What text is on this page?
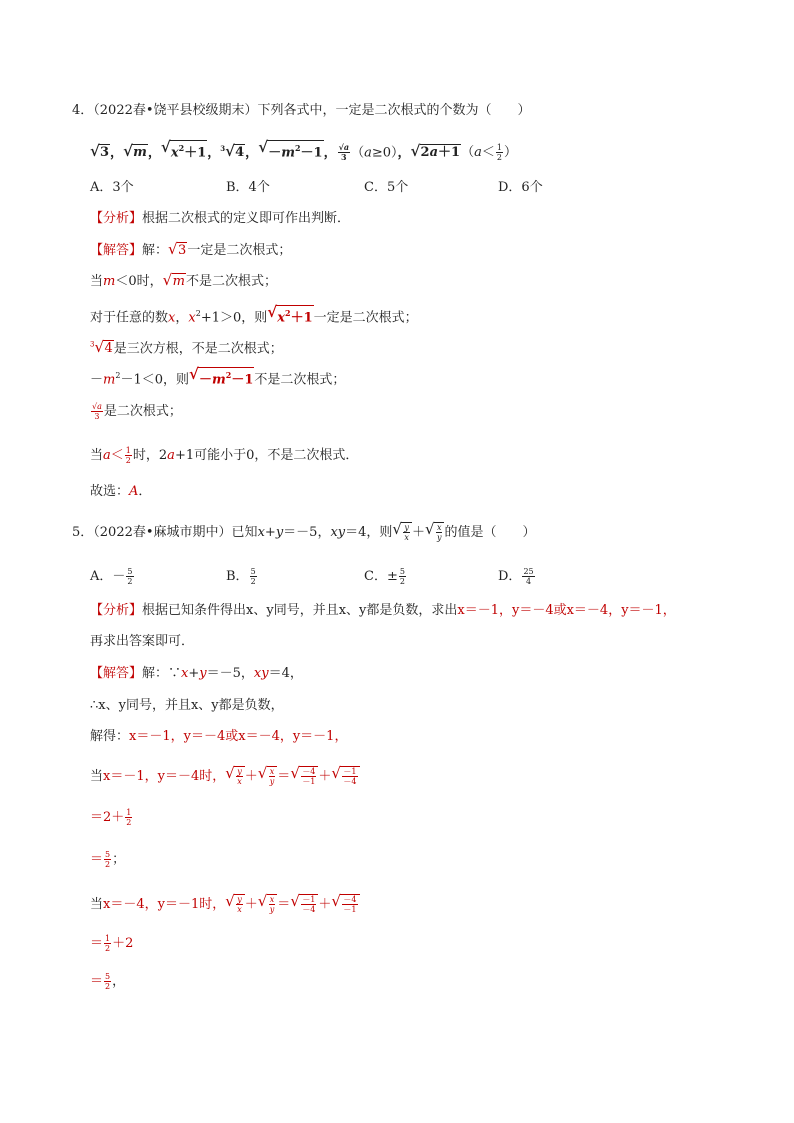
4．（2022春•饶平县校级期末）下列各式中，一定是二次根式的个数为（　　）
√ 3， √ m， √ $x^2+1$，$^3$ √ 4， √ $-m^2-1$， $\frac{√a}{3} (a\ge 0)$， √ $2a+1(a< \frac{1}{2}$ ）
A．3个	B．4个	C．5个	D．6个
【分析】根据二次根式的定义即可作出判断．
【解答】解： √ 3一定是二次根式；
当m＜0时， √ m不是二次根式；
对于任意的数x，$x^2+1>0$，则 √ $x^2+1$一定是二次根式；
$^3$ √ 4是三次方根，不是二次根式；
$-m^2-1<0$，则 √ $-m^2-1$不是二次根式；
$\frac{√a}{3}$ 是二次根式；
当$a< \frac{1}{2}$ 时，2a+1可能小于0，不是二次根式．
故选：A．
5．（2022春•麻城市期中）已知x+y＝－5，xy＝4，则 √ $\frac{y}{x}$ ＋ √ $\frac{x}{y}$ 的值是（　　）
A．－ $\frac{5}{2}$	B． $\frac{5}{2}$	C．± $\frac{5}{2}$	D． $\frac{25}{4}$
【分析】根据已知条件得出x、y同号，并且x、y都是负数，求出x＝－1，y＝－4或x＝－4，y＝－1，
再求出答案即可．
【解答】解：∵x+y＝－5，xy＝4，
∴x、y同号，并且x、y都是负数，
解得：x＝－1，y＝－4或x＝－4，y＝－1，
当x＝－1，y＝－4时， √ $\frac{y}{x}$ ＋ √ $\frac{x}{y}$ ＝ √ $\frac{-4}{-1}$ ＋ √ $\frac{-1}{-4}$
$=2+ \frac{1}{2}$
＝ $\frac{5}{2}$ ；
当x＝－4，y＝－1时， √ $\frac{y}{x}$ ＋ √ $\frac{x}{y}$ ＝ √ $\frac{-1}{-4}$ ＋ √ $\frac{-4}{-1}$
＝ $\frac{1}{2} +2$
＝ $\frac{5}{2}$ ，
